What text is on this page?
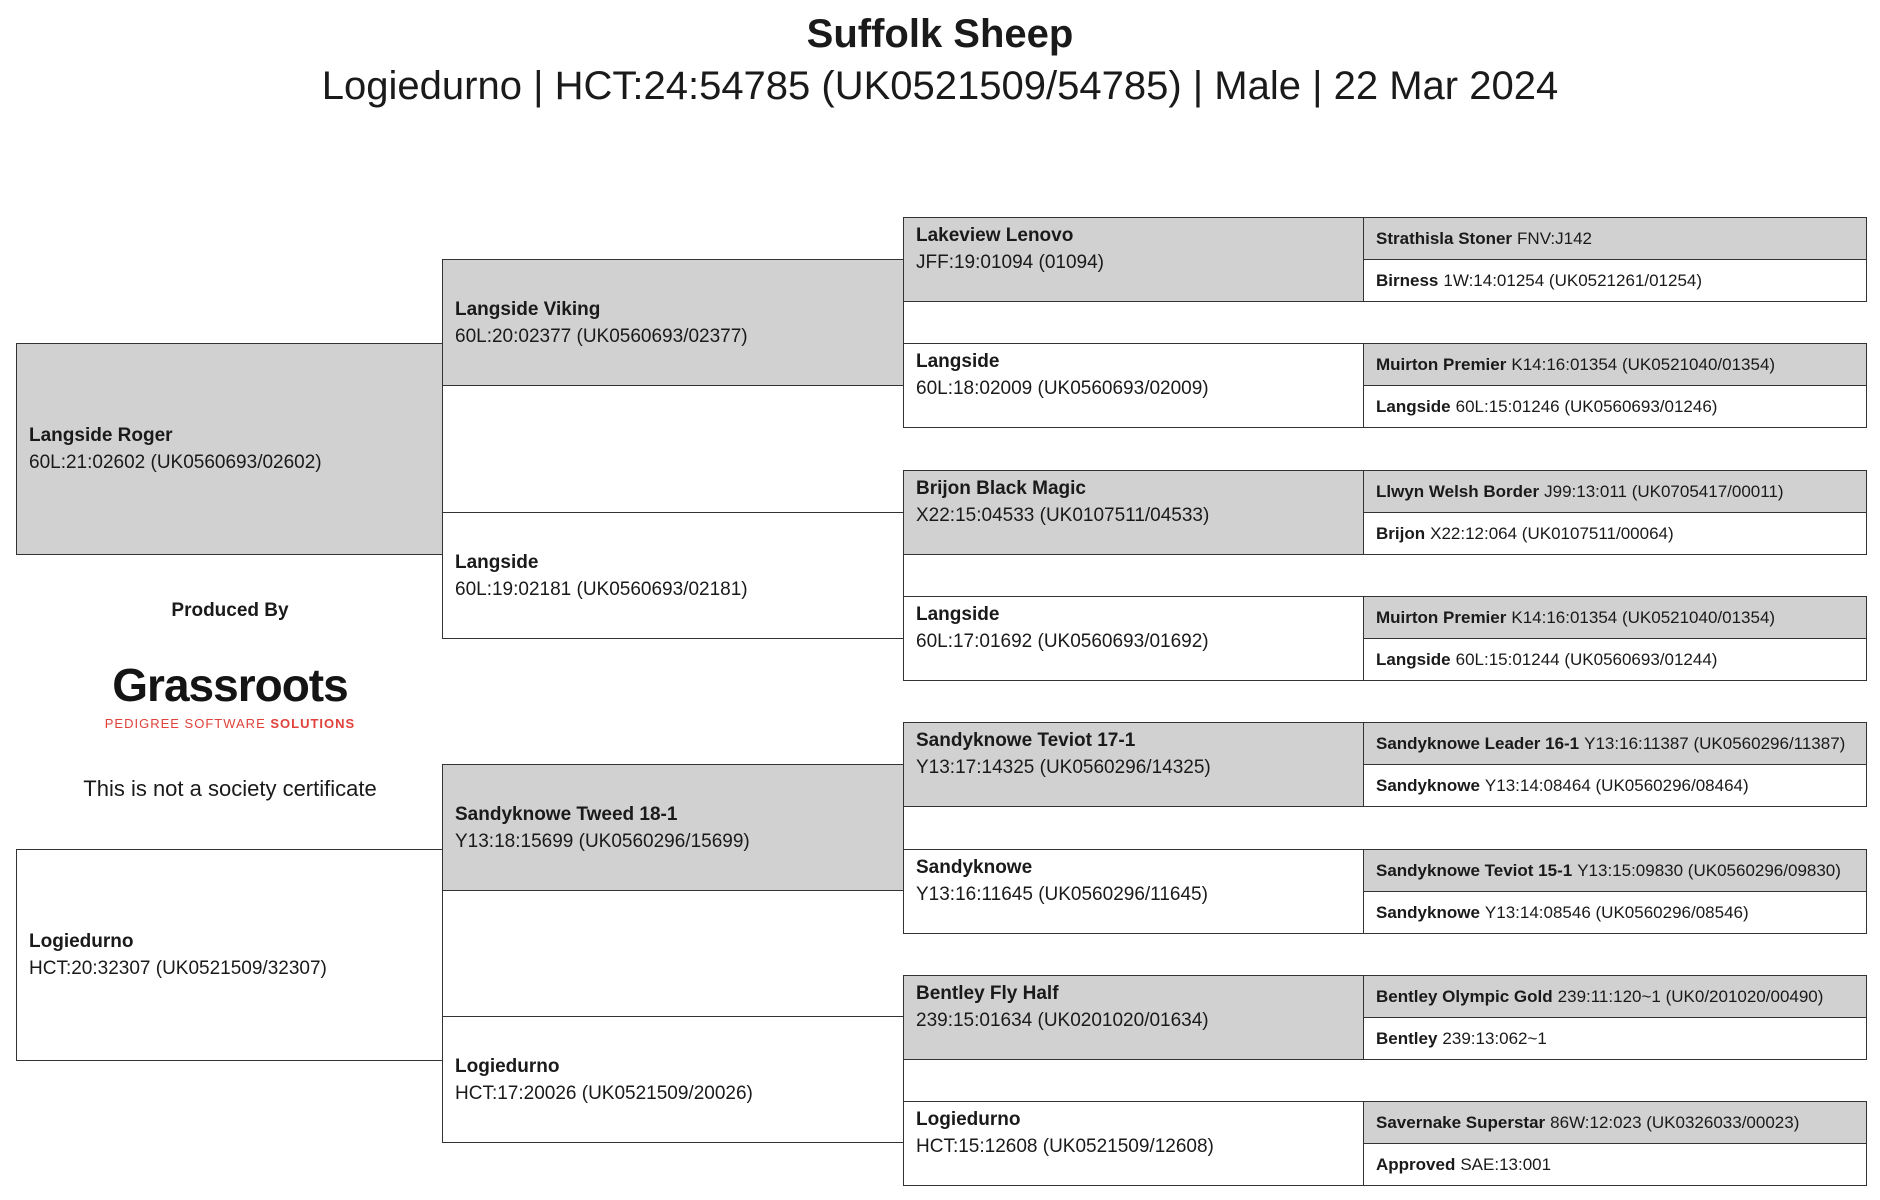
Suffolk Sheep
Logiedurno | HCT:24:54785 (UK0521509/54785) | Male | 22 Mar 2024
Langside Roger
60L:21:02602 (UK0560693/02602)
Logiedurno
HCT:20:32307 (UK0521509/32307)
Langside Viking
60L:20:02377 (UK0560693/02377)
Langside
60L:19:02181 (UK0560693/02181)
Sandyknowe Tweed 18-1
Y13:18:15699 (UK0560296/15699)
Logiedurno
HCT:17:20026 (UK0521509/20026)
Lakeview Lenovo
JFF:19:01094 (01094)
Langside
60L:18:02009 (UK0560693/02009)
Brijon Black Magic
X22:15:04533 (UK0107511/04533)
Langside
60L:17:01692 (UK0560693/01692)
Sandyknowe Teviot 17-1
Y13:17:14325 (UK0560296/14325)
Sandyknowe
Y13:16:11645 (UK0560296/11645)
Bentley Fly Half
239:15:01634 (UK0201020/01634)
Logiedurno
HCT:15:12608 (UK0521509/12608)
Strathisla Stoner FNV:J142
Birness 1W:14:01254 (UK0521261/01254)
Muirton Premier K14:16:01354 (UK0521040/01354)
Langside 60L:15:01246 (UK0560693/01246)
Llwyn Welsh Border J99:13:011 (UK0705417/00011)
Brijon X22:12:064 (UK0107511/00064)
Muirton Premier K14:16:01354 (UK0521040/01354)
Langside 60L:15:01244 (UK0560693/01244)
Sandyknowe Leader 16-1 Y13:16:11387 (UK0560296/11387)
Sandyknowe Y13:14:08464 (UK0560296/08464)
Sandyknowe Teviot 15-1 Y13:15:09830 (UK0560296/09830)
Sandyknowe Y13:14:08546 (UK0560296/08546)
Bentley Olympic Gold 239:11:120~1 (UK0/201020/00490)
Bentley 239:13:062~1
Savernake Superstar 86W:12:023 (UK0326033/00023)
Approved SAE:13:001
Produced By
Grassroots
PEDIGREE SOFTWARE SOLUTIONS
This is not a society certificate
